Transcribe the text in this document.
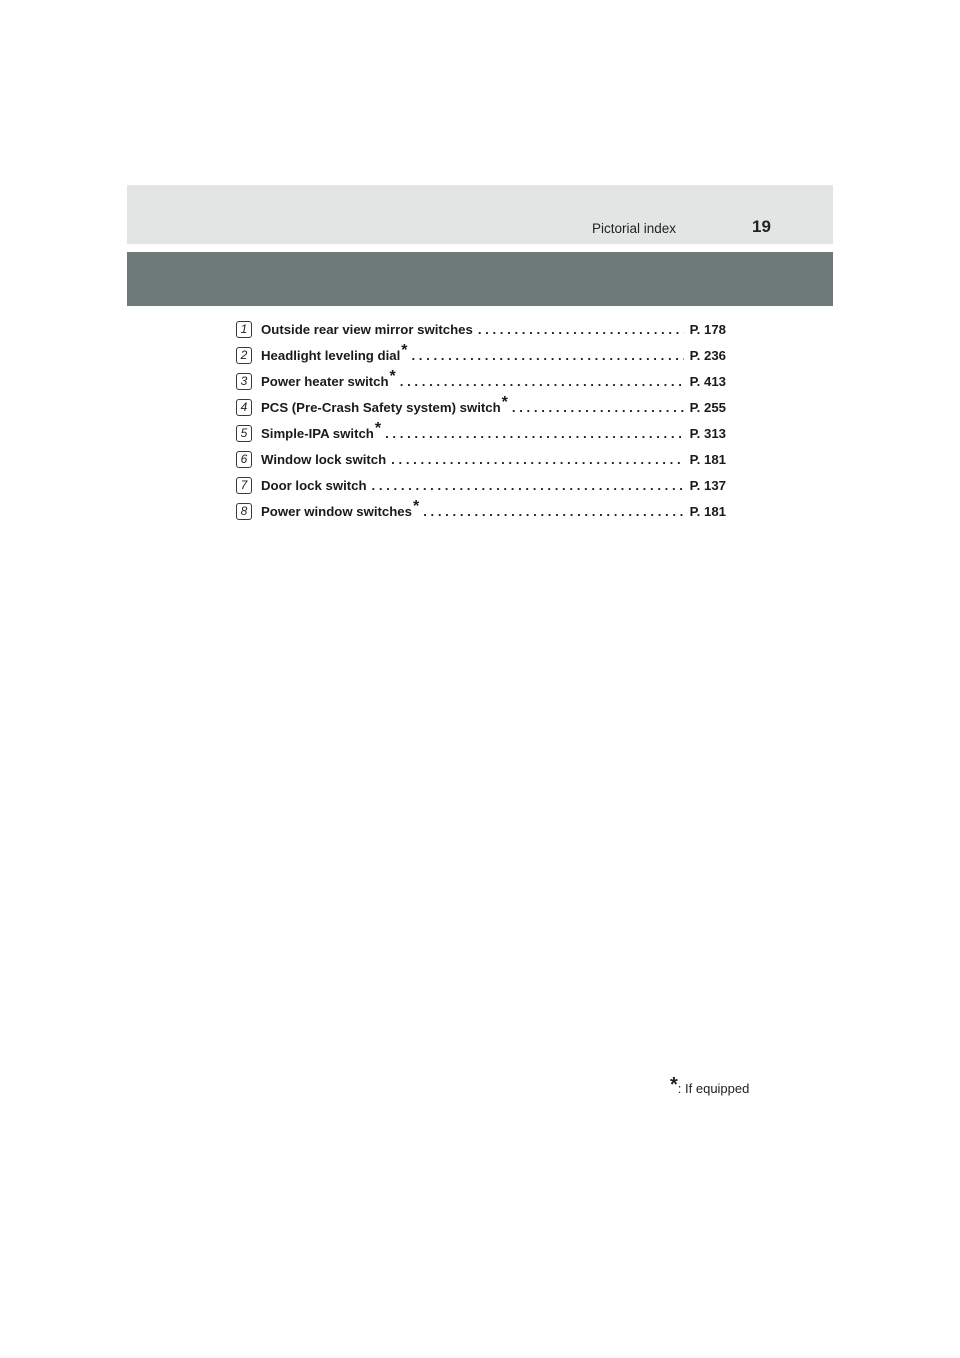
Pictorial index	19
1	Outside rear view mirror switches . . .	P. 178
2	Headlight leveling dial * . . .	P. 236
3	Power heater switch * . . .	P. 413
4	PCS (Pre-Crash Safety system) switch * . . .	P. 255
5	Simple-IPA switch * . . .	P. 313
6	Window lock switch . . .	P. 181
7	Door lock switch . . .	P. 137
8	Power window switches * . . .	P. 181
*: If equipped
